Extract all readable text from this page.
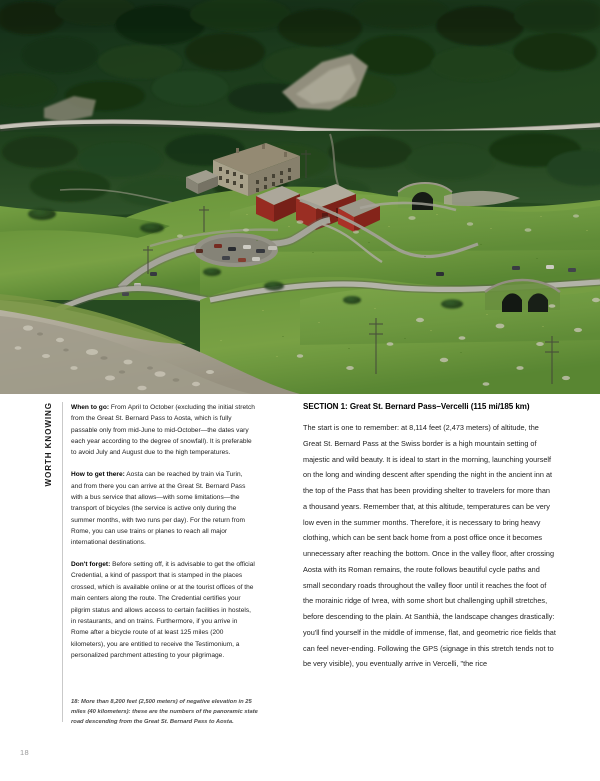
WORTH KNOWING
18

When to go: From April to October (excluding the initial stretch from the Great St. Bernard Pass to Aosta, which is fully passable only from mid-June to mid-October—the dates vary each year according to the degree of snowfall). It is preferable to avoid July and August due to the high temperatures.

How to get there: Aosta can be reached by train via Turin, and from there you can arrive at the Great St. Bernard Pass with a bus service that allows—with some limitations—the transport of bicycles (the service is active only during the summer months, with two runs per day). For the return from Rome, you can use trains or planes to reach all major international destinations.

Don't forget: Before setting off, it is advisable to get the official Credential, a kind of passport that is stamped in the places crossed, which is available online or at the tourist offices of the main centers along the route. The Credential certifies your pilgrim status and allows access to certain facilities in hostels, in restaurants, and on trains. Furthermore, if you arrive in Rome after a bicycle route of at least 125 miles (200 kilometers), you are entitled to receive the Testimonium, a personalized parchment attesting to your pilgrimage.

18: More than 8,200 feet (2,500 meters) of negative elevation in 25 miles (40 kilometers): these are the numbers of the panoramic state road descending from the Great St. Bernard Pass to Aosta.
SECTION 1: Great St. Bernard Pass–Vercelli (115 mi/185 km)

The start is one to remember: at 8,114 feet (2,473 meters) of altitude, the Great St. Bernard Pass at the Swiss border is a high mountain setting of majestic and wild beauty. It is ideal to start in the morning, launching yourself on the long and winding descent after spending the night in the ancient inn at the top of the Pass that has been providing shelter to travelers for more than a thousand years. Remember that, at this altitude, temperatures can be very low even in the summer months. Therefore, it is necessary to bring heavy clothing, which can be sent back home from a post office once it becomes unnecessary after reaching the bottom. Once in the valley floor, after crossing Aosta with its Roman remains, the route follows beautiful cycle paths and small secondary roads throughout the valley floor until it reaches the foot of the morainic ridge of Ivrea, with some short but challenging uphill stretches, before descending to the plain. At Santhià, the landscape changes drastically: you'll find yourself in the middle of immense, flat, and geometric rice fields that can feel never-ending. Following the GPS (signage in this stretch tends not to be very visible), you eventually arrive in Vercelli, "the rice
